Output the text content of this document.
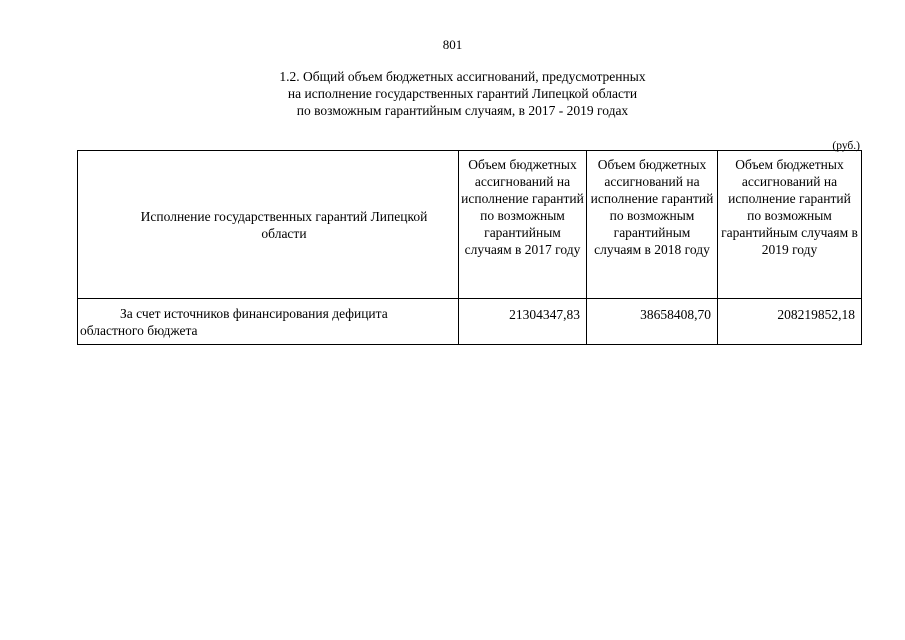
801
1.2. Общий объем бюджетных ассигнований, предусмотренных
на исполнение государственных гарантий Липецкой области
по возможным гарантийным случаям, в 2017 - 2019 годах
(руб.)
Исполнение государственных гарантий Липецкой области	Объем бюджетных ассигнований на исполнение гарантий по возможным гарантийным случаям в 2017 году	Объем бюджетных ассигнований на исполнение гарантий по возможным гарантийным случаям в 2018 году	Объем бюджетных ассигнований на исполнение гарантий по возможным гарантийным случаям в 2019 году
За счет источников финансирования дефицита областного бюджета	21304347,83	38658408,70	208219852,18
